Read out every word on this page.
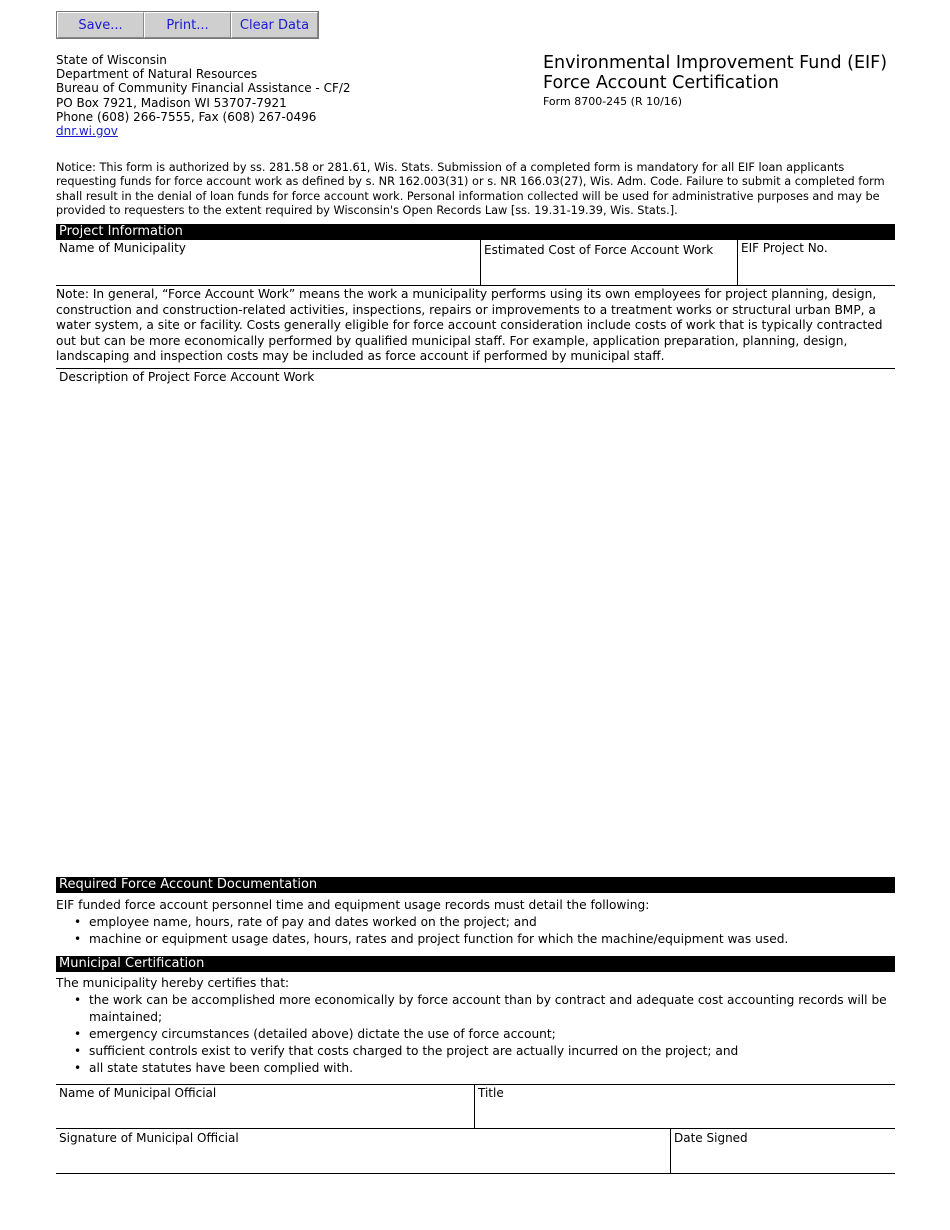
Save...	Print...	Clear Data
State of Wisconsin
Department of Natural Resources
Bureau of Community Financial Assistance - CF/2
PO Box 7921, Madison WI 53707-7921
Phone (608) 266-7555, Fax (608) 267-0496
dnr.wi.gov
Environmental Improvement Fund (EIF)
Force Account Certification
Form 8700-245 (R 10/16)
Notice: This form is authorized by ss. 281.58 or 281.61, Wis. Stats. Submission of a completed form is mandatory for all EIF loan applicants requesting funds for force account work as defined by s. NR 162.003(31) or s. NR 166.03(27), Wis. Adm. Code. Failure to submit a completed form shall result in the denial of loan funds for force account work. Personal information collected will be used for administrative purposes and may be provided to requesters to the extent required by Wisconsin's Open Records Law [ss. 19.31-19.39, Wis. Stats.].
Project Information
Name of Municipality	Estimated Cost of Force Account Work	EIF Project No.
Note: In general, “Force Account Work” means the work a municipality performs using its own employees for project planning, design, construction and construction-related activities, inspections, repairs or improvements to a treatment works or structural urban BMP, a water system, a site or facility. Costs generally eligible for force account consideration include costs of work that is typically contracted out but can be more economically performed by qualified municipal staff. For example, application preparation, planning, design, landscaping and inspection costs may be included as force account if performed by municipal staff.
Description of Project Force Account Work
Required Force Account Documentation
EIF funded force account personnel time and equipment usage records must detail the following:
• employee name, hours, rate of pay and dates worked on the project; and
• machine or equipment usage dates, hours, rates and project function for which the machine/equipment was used.
Municipal Certification
The municipality hereby certifies that:
• the work can be accomplished more economically by force account than by contract and adequate cost accounting records will be maintained;
• emergency circumstances (detailed above) dictate the use of force account;
• sufficient controls exist to verify that costs charged to the project are actually incurred on the project; and
• all state statutes have been complied with.
Name of Municipal Official	Title
Signature of Municipal Official	Date Signed
